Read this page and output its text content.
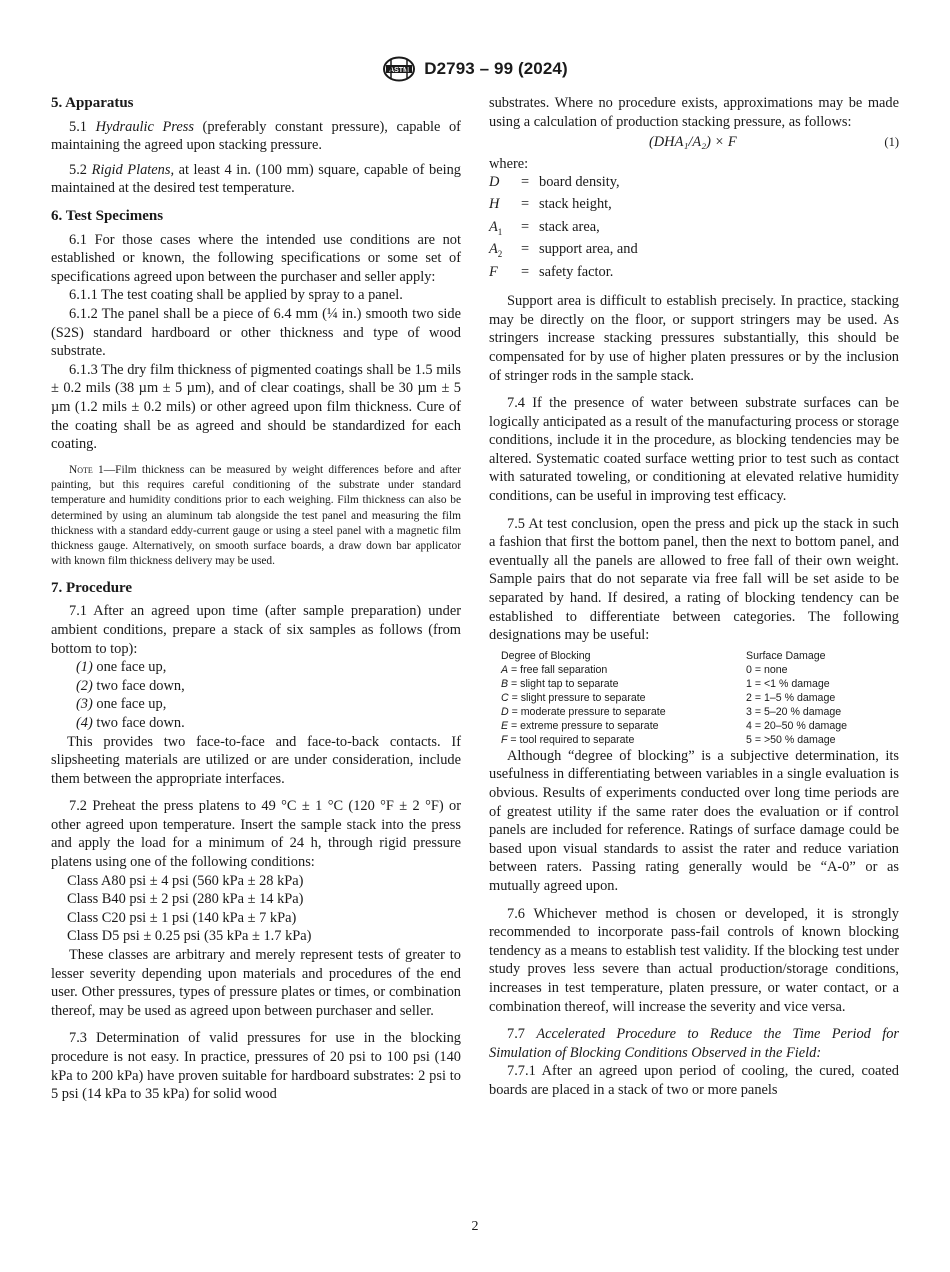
ASTM D2793 – 99 (2024)
5. Apparatus

5.1 Hydraulic Press (preferably constant pressure), capable of maintaining the agreed upon stacking pressure.

5.2 Rigid Platens, at least 4 in. (100 mm) square, capable of being maintained at the desired test temperature.

6. Test Specimens

6.1 For those cases where the intended use conditions are not established or known, the following specifications or some set of specifications agreed upon between the purchaser and seller apply:

6.1.1 The test coating shall be applied by spray to a panel.

6.1.2 The panel shall be a piece of 6.4 mm (¼ in.) smooth two side (S2S) standard hardboard or other thickness and type of wood substrate.

6.1.3 The dry film thickness of pigmented coatings shall be 1.5 mils ± 0.2 mils (38 µm ± 5 µm), and of clear coatings, shall be 30 µm ± 5 µm (1.2 mils ± 0.2 mils) or other agreed upon film thickness. Cure of the coating shall be as agreed and should be standardized for each coating.

Note 1—Film thickness can be measured by weight differences before and after painting, but this requires careful conditioning of the substrate under standard temperature and humidity conditions prior to each weighing. Film thickness can also be determined by using an aluminum tab alongside the test panel and measuring the film thickness with a standard eddy-current gauge or using a steel panel with a magnetic film thickness gauge. Alternatively, on smooth surface boards, a draw down bar applicator with known film thickness delivery may be used.

7. Procedure

7.1 After an agreed upon time (after sample preparation) under ambient conditions, prepare a stack of six samples as follows (from bottom to top):

(1) one face up,
(2) two face down,
(3) one face up,
(4) two face down.

This provides two face-to-face and face-to-back contacts. If slipsheeting materials are utilized or are under consideration, include them between the appropriate interfaces.

7.2 Preheat the press platens to 49 °C ± 1 °C (120 °F ± 2 °F) or other agreed upon temperature. Insert the sample stack into the press and apply the load for a minimum of 24 h, through rigid pressure platens using one of the following conditions:

Class A80 psi ± 4 psi (560 kPa ± 28 kPa)
Class B40 psi ± 2 psi (280 kPa ± 14 kPa)
Class C20 psi ± 1 psi (140 kPa ± 7 kPa)
Class D5 psi ± 0.25 psi (35 kPa ± 1.7 kPa)

These classes are arbitrary and merely represent tests of greater to lesser severity depending upon materials and procedures of the end user. Other pressures, types of pressure plates or times, or combination thereof, may be used as agreed upon between purchaser and seller.

7.3 Determination of valid pressures for use in the blocking procedure is not easy. In practice, pressures of 20 psi to 100 psi (140 kPa to 200 kPa) have proven suitable for hardboard substrates: 2 psi to 5 psi (14 kPa to 35 kPa) for solid wood

substrates. Where no procedure exists, approximations may be made using a calculation of production stacking pressure, as follows:

(DHA₁/A₂) × F	(1)

where:

D	= board density,
H	= stack height,
$A_1$	= stack area,
$A_2$	= support area, and
F	= safety factor.

Support area is difficult to establish precisely. In practice, stacking may be directly on the floor, or support stringers may be used. As stringers increase stacking pressures substantially, this should be compensated for by use of higher platen pressures or by the inclusion of stringer rods in the sample stack.

7.4 If the presence of water between substrate surfaces can be logically anticipated as a result of the manufacturing process or storage conditions, include it in the procedure, as blocking tendencies may be altered. Systematic coated surface wetting prior to test such as contact with saturated toweling, or conditioning at elevated relative humidity conditions, can be useful in improving test efficacy.

7.5 At test conclusion, open the press and pick up the stack in such a fashion that first the bottom panel, then the next to bottom panel, and eventually all the panels are allowed to free fall of their own weight. Sample pairs that do not separate via free fall will be set aside to be separated by hand. If desired, a rating of blocking tendency can be established to differentiate between categories. The following designations may be useful:

Degree of Blocking	Surface Damage
A = free fall separation	0 = none
B = slight tap to separate	1 = <1 % damage
C = slight pressure to separate	2 = 1–5 % damage
D = moderate pressure to separate	3 = 5–20 % damage
E = extreme pressure to separate	4 = 20–50 % damage
F = tool required to separate	5 = >50 % damage

Although “degree of blocking” is a subjective determination, its usefulness in differentiating between variables in a single evaluation is obvious. Results of experiments conducted over long time periods are of greatest utility if the same rater does the evaluation or if control panels are included for reference. Ratings of surface damage could be based upon visual standards to assist the rater and reduce variation between raters. Passing rating generally would be “A-0” or as mutually agreed upon.

7.6 Whichever method is chosen or developed, it is strongly recommended to incorporate pass-fail controls of known blocking tendency as a means to establish test validity. If the blocking test under study proves less severe than actual production/storage conditions, increases in test temperature, platen pressure, or water contact, or a combination thereof, will increase the severity and vice versa.

7.7 Accelerated Procedure to Reduce the Time Period for Simulation of Blocking Conditions Observed in the Field:

7.7.1 After an agreed upon period of cooling, the cured, coated boards are placed in a stack of two or more panels

2
